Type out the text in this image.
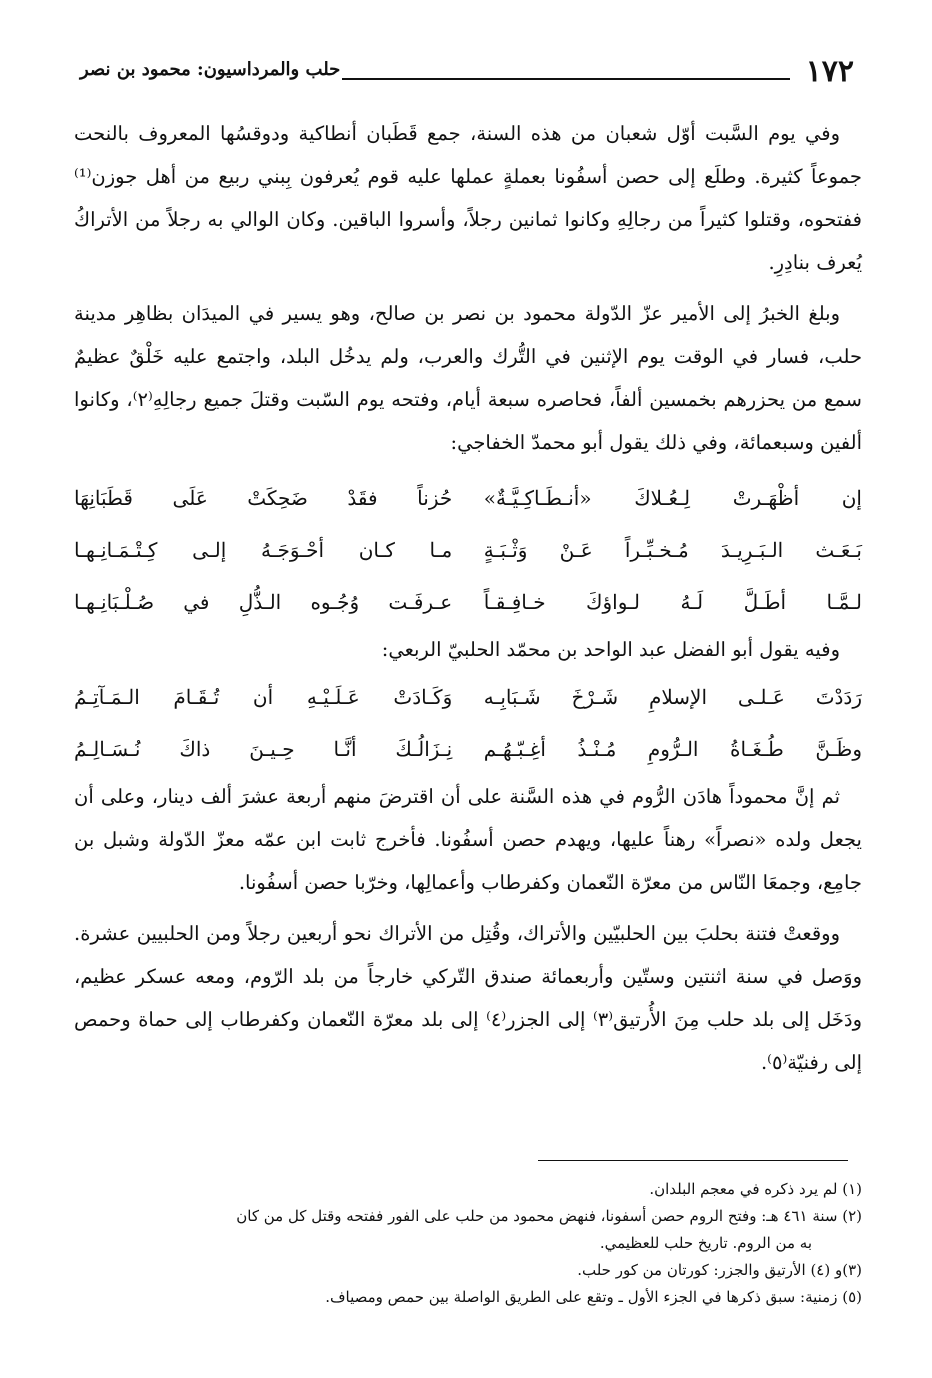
١٧٢
حلب والمرداسيون: محمود بن نصر

وفي يوم السَّبت أوّل شعبان من هذه السنة، جمع قَطَبان أنطاكية ودوقسُها المعروف بالنحت جموعاً كثيرة. وطلَع إلى حصن أسفُونا بعملةٍ عملها عليه قوم يُعرفون بِبني ربيع من أهل جوزن⁽¹⁾ ففتحوه، وقتلوا كثيراً من رجالِهِ وكانوا ثمانين رجلاً، وأسروا الباقين. وكان الوالي به رجلاً من الأتراكُ يُعرف بنادِرِ.

وبلغ الخبرُ إلى الأمير عزّ الدّولة محمود بن نصر بن صالح، وهو يسير في الميدَان بظاهِر مدينة حلب، فسار في الوقت يوم الإثنين في التُّرك والعرب، ولم يدخُل البلد، واجتمع عليه خَلْقٌ عظيمٌ سمع من يحزرهم بخمسين ألفاً، فحاصره سبعة أيام، وفتحه يوم السّبت وقتلَ جميع رجالِهِ⁽٢⁾، وكانوا ألفين وسبعمائة، وفي ذلك يقول أبو محمدّ الخفاجي:

إن أظْهَـرتْ لِـعُـلاكَ «أنـطَـاكِـيَّـةٌ»
حُزناً فقَدْ ضَحِكَتْ عَلَى قَطَبَانِهَا
بَـعَـث الـبَـرِيـدَ مُـخـبِّـراً عَـنْ وَثْـبَـةٍ
مـا كـان أحْـوَجَـهُ إلـى كِـتْـمَـانِـهـا
لـمَّـا أطَـلَّ لَـهُ لـواؤكَ خـافِـقـاً
عـرفَـت وُجُـوه الـذُّلِ في صُـلْـبَانِـهـا

وفيه يقول أبو الفضل عبد الواحد بن محمّد الحلبيّ الربعي:

رَدَدْتَ عَـلـى الإسلامِ شَـرْخَ شَـبَابِـه
وَكَـادَتْ عَـلَـيْـهِ أن تُـقَـامَ الـمَـآتِـمُ
وظَـنَّ طُـغَـاةُ الـرُّومِ مُـنْـذُ أغِـبّـهُـم
نِـزَالُـكَ أنَّـا حِـيـنَ ذاكَ نُـسَـالِـمُ

ثم إنَّ محموداً هادَن الرُّوم في هذه السَّنة على أن اقترضَ منهم أربعة عشرَ ألف دينار، وعلى أن يجعل ولده «نصراً» رهناً عليها، ويهدم حصن أسفُونا. فأخرج ثابت ابن عمّه معزّ الدّولة وشبل بن جامِع، وجمعَا النّاس من معرّة النّعمان وكفرطاب وأعمالِها، وخرّبا حصن أسفُونا.

ووقعتْ فتنة بحلبَ بين الحلبيّين والأتراك، وقُتِل من الأتراك نحو أربعين رجلاً ومن الحلبيين عشرة. ووَصل في سنة اثنتين وستّين وأربعمائة صندق التّركي خارجاً من بلد الرّوم، ومعه عسكر عظيم، ودَخَل إلى بلد حلب مِنَ الأُرتيق⁽٣⁾ إلى الجزر⁽٤⁾ إلى بلد معرّة النّعمان وكفرطاب إلى حماة وحمص إلى رفنيّة⁽٥⁾.

(١) لم يرد ذكره في معجم البلدان.

(٢) سنة ٤٦١ هـ: وفتح الروم حصن أسفونا، فنهض محمود من حلب على الفور ففتحه وقتل كل من كان

به من الروم. تاريخ حلب للعظيمي.

(٣)و (٤) الأرتيق والجزر: كورتان من كور حلب.

(٥) زمنية: سبق ذكرها في الجزء الأول ـ وتقع على الطريق الواصلة بين حمص ومصياف.
